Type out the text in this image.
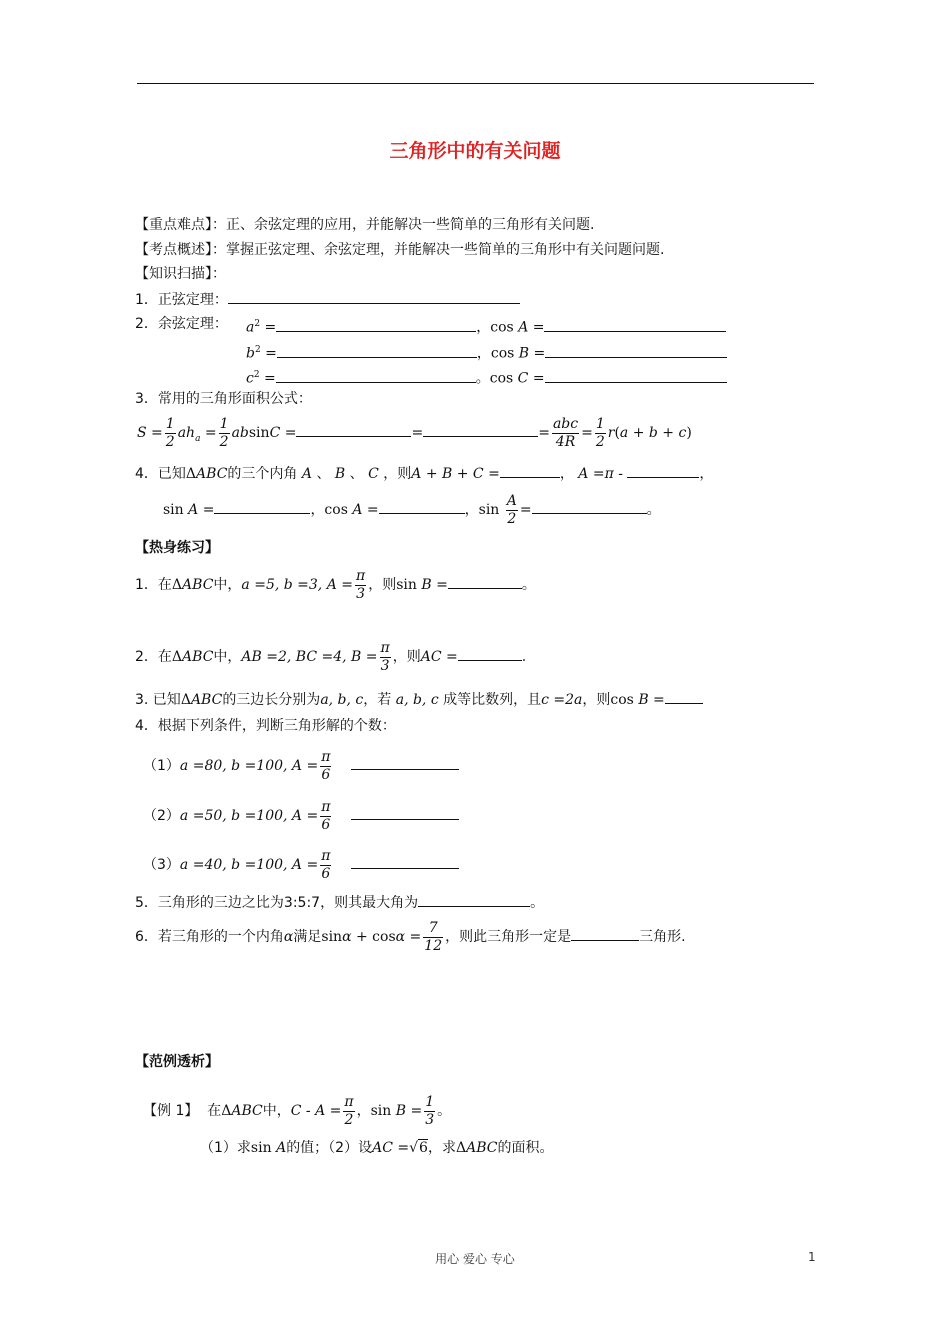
三角形中的有关问题
【重点难点】：正、余弦定理的应用，并能解决一些简单的三角形有关问题.
【考点概述】：掌握正弦定理、余弦定理，并能解决一些简单的三角形中有关问题问题.
【知识扫描】：
1．正弦定理：
2．余弦定理： $a^2$ =	，cos A =
$b^2$ =	，cos B =
$c^2$ =	。cos C =
3．常用的三角形面积公式：
$S = \frac{1}{2} ah_a = \frac{1}{2}$ absinC =	=	= $\frac{\text{abc}}{4R} = \frac{1}{2} r(a + b + c)$
4．已知ΔABC的三个内角 A 、 B 、 C ，则A + B + C =	， A =π -	，
sin A =	，cos A =	，$\sin \frac{A}{2}$ =	。
【热身练习】
1．在ΔABC中，a =5, b =3, $A = \frac{\pi}{3}$ ，则sin B =	。
2．在ΔABC中，AB =2, BC =4, $B = \frac{\pi}{3}$ ，则AC =	.
3. 已知ΔABC的三边长分别为a, b, c，若 a, b, c 成等比数列，且c =2a，则cos B =
4．根据下列条件，判断三角形解的个数：
（1）a =80, b =100, $A = \frac{\pi}{6}$
（2）a =50, b =100, $A = \frac{\pi}{6}$
（3）a =40, b =100, $A = \frac{\pi}{6}$
5．三角形的三边之比为3:5:7，则其最大角为	。
6．若三角形的一个内角α满足$\sin\alpha + \cos\alpha = \frac{7}{12}$ ，则此三角形一定是	三角形.
【范例透析】
【例 1】 在ΔABC中，$C - A = \frac{\pi}{2}$ ，$\sin B = \frac{1}{3}$ 。
（1）求sin A的值；（2）设AC =√6，求ΔABC的面积。
用心 爱心 专心	1
